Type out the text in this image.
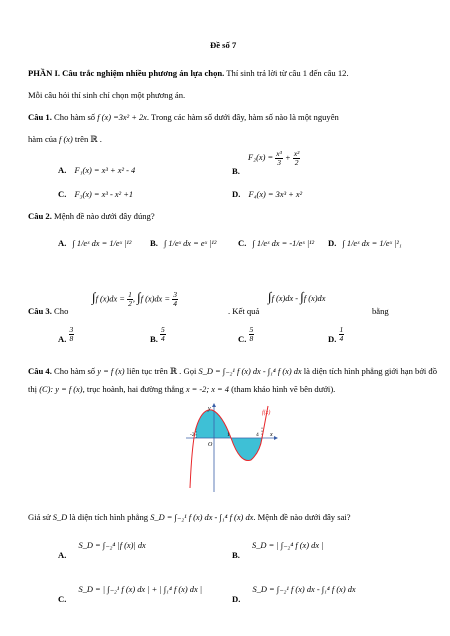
Đề số 7
PHẦN I. Câu trắc nghiệm nhiều phương án lựa chọn. Thí sinh trả lời từ câu 1 đến câu 12.
Mỗi câu hỏi thí sinh chỉ chọn một phương án.
Câu 1. Cho hàm số f (x) =3x² + 2x. Trong các hàm số dưới đây, hàm số nào là một nguyên
hàm của f (x) trên ℝ .
A. F₁(x) = x³ + x² - 4	B. $F_2(x) = \frac{\text{x³}}{3} + \frac{\text{x²}}{2}$
C. F₃(x) = x³ - x² +1	D. F₄(x) = 3x³ + x²
Câu 2. Mệnh đề nào dưới đây đúng?
A. ∫ 1/eˣ dx = 1/eˣ |¹² B. ∫ 1/eˣ dx = eˣ |¹²	C. ∫ 1/eˣ dx = -1/eˣ |¹² D. ∫ 1/eˣ dx = 1/eˣ |²₁
Câu 3. Cho
∫f $(x)dx = \frac{1}{2}$ , ∫f $(x)dx = \frac{3}{4}$
. Kết quả
∫f (x)dx - ∫f (x)dx
bằng
A. $\frac{3}{8}$	B. $\frac{5}{4}$	C. $\frac{5}{8}$	D. $\frac{1}{4}$
Câu 4. Cho hàm số y = f (x) liên tục trên ℝ . Gọi S_D = ∫₋₂¹ f (x) dx - ∫₁⁴ f (x) dx là diện tích hình phẳng giới hạn bởi đồ
thị (C): y = f (x), trục hoành, hai đường thẳng x = -2; x = 4 (tham khảo hình vẽ bên dưới).
y
x
f(x)
O
-2	1	4
Giả sử S_D là diện tích hình phẳng S_D = ∫₋₂¹ f (x) dx - ∫₁⁴ f (x) dx. Mệnh đề nào dưới đây sai?
A. S_D = ∫₋₂⁴ |f (x)| dx
B. S_D = | ∫₋₂⁴ f (x) dx |
C. S_D = | ∫₋₂¹ f (x) dx | + | ∫₁⁴ f (x) dx |
D. S_D = ∫₋₂¹ f (x) dx - ∫₁⁴ f (x) dx
